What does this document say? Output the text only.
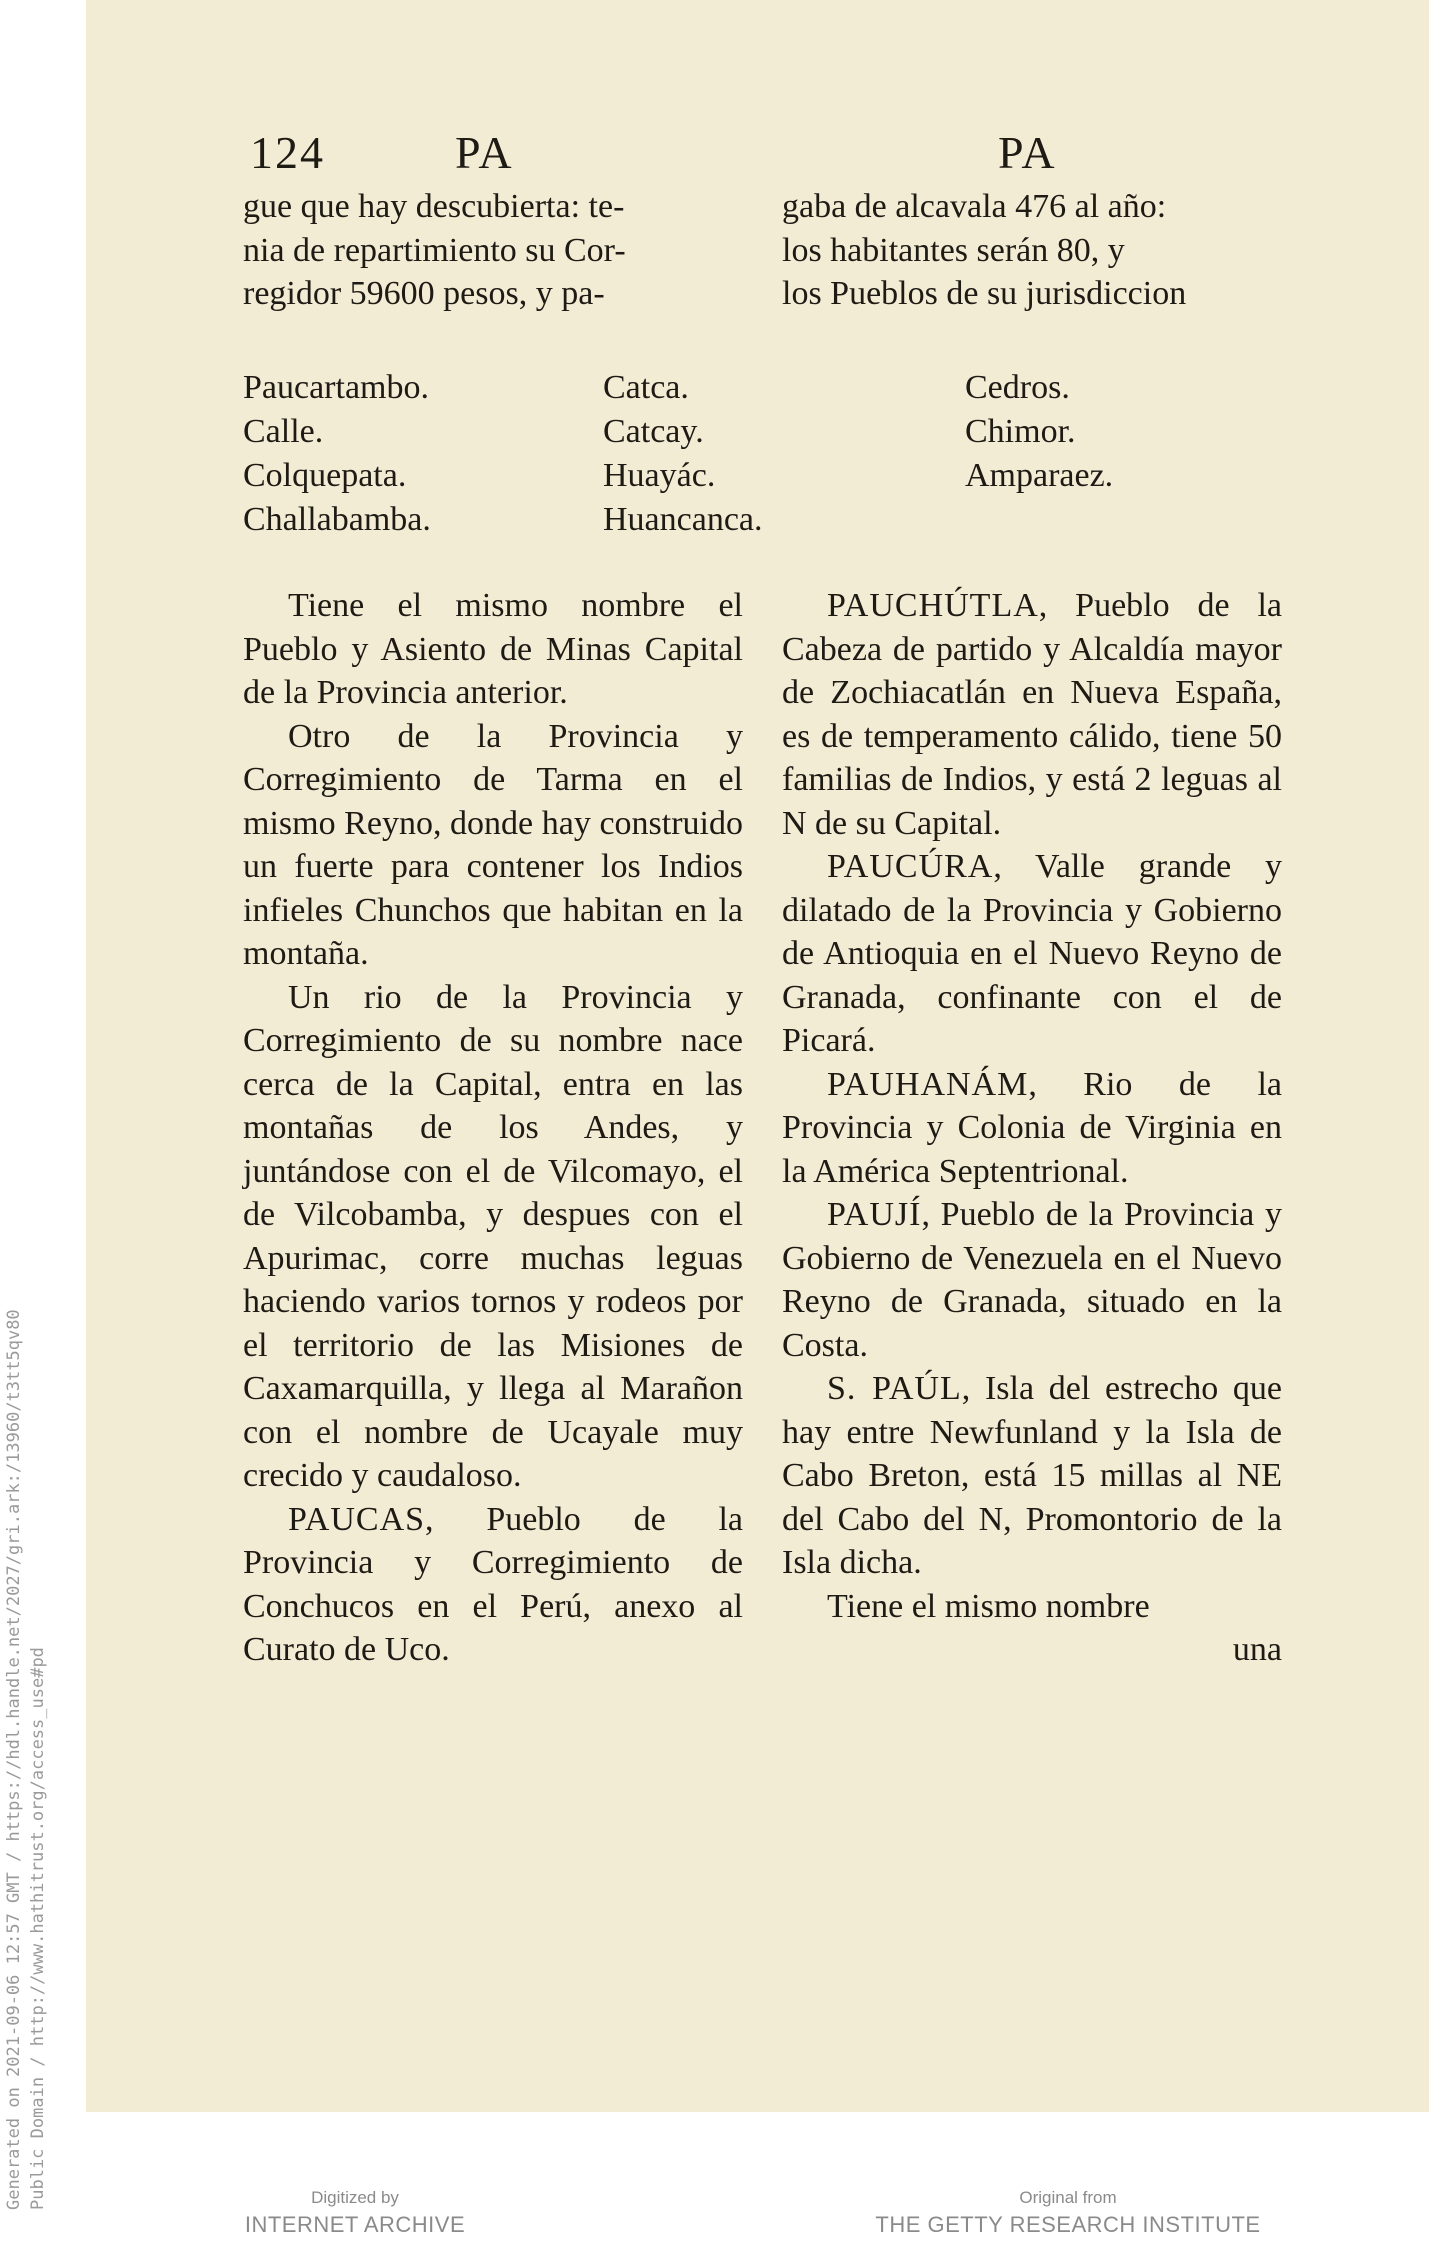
Generated on 2021-09-06 12:57 GMT / https://hdl.handle.net/2027/gri.ark:/13960/t3tt5qv80 Public Domain / http://www.hathitrust.org/access_use#pd
124	PA	PA
gue que hay descubierta: te-
nia de repartimiento su Cor-
regidor 59600 pesos, y pa-
gaba de alcavala 476 al año:
los habitantes serán 80, y
los Pueblos de su jurisdiccion
Paucartambo.
Calle.
Colquepata.
Challabamba.
Catca.
Catcay.
Huayác.
Huancanca.
Cedros.
Chimor.
Amparaez.

Tiene el mismo nombre el Pueblo y Asiento de Minas Capital de la Provincia anterior.

Otro de la Provincia y Corregimiento de Tarma en el mismo Reyno, donde hay construido un fuerte para contener los Indios infieles Chunchos que habitan en la montaña.

Un rio de la Provincia y Corregimiento de su nombre nace cerca de la Capital, entra en las montañas de los Andes, y juntándose con el de Vilcomayo, el de Vilcobamba, y despues con el Apurimac, corre muchas leguas haciendo varios tornos y rodeos por el territorio de las Misiones de Caxamarquilla, y llega al Marañon con el nombre de Ucayale muy crecido y caudaloso.

PAUCAS, Pueblo de la Provincia y Corregimiento de Conchucos en el Perú, anexo al Curato de Uco.

PAUCHÚTLA, Pueblo de la Cabeza de partido y Alcaldía mayor de Zochiacatlán en Nueva España, es de temperamento cálido, tiene 50 familias de Indios, y está 2 leguas al N de su Capital.

PAUCÚRA, Valle grande y dilatado de la Provincia y Gobierno de Antioquia en el Nuevo Reyno de Granada, confinante con el de Picará.

PAUHANÁM, Rio de la Provincia y Colonia de Virginia en la América Septentrional.

PAUJÍ, Pueblo de la Provincia y Gobierno de Venezuela en el Nuevo Reyno de Granada, situado en la Costa.

S. PAÚL, Isla del estrecho que hay entre Newfunland y la Isla de Cabo Breton, está 15 millas al NE del Cabo del N, Promontorio de la Isla dicha.

Tiene el mismo nombre

una
Digitized by
INTERNET ARCHIVE
Original from
THE GETTY RESEARCH INSTITUTE
